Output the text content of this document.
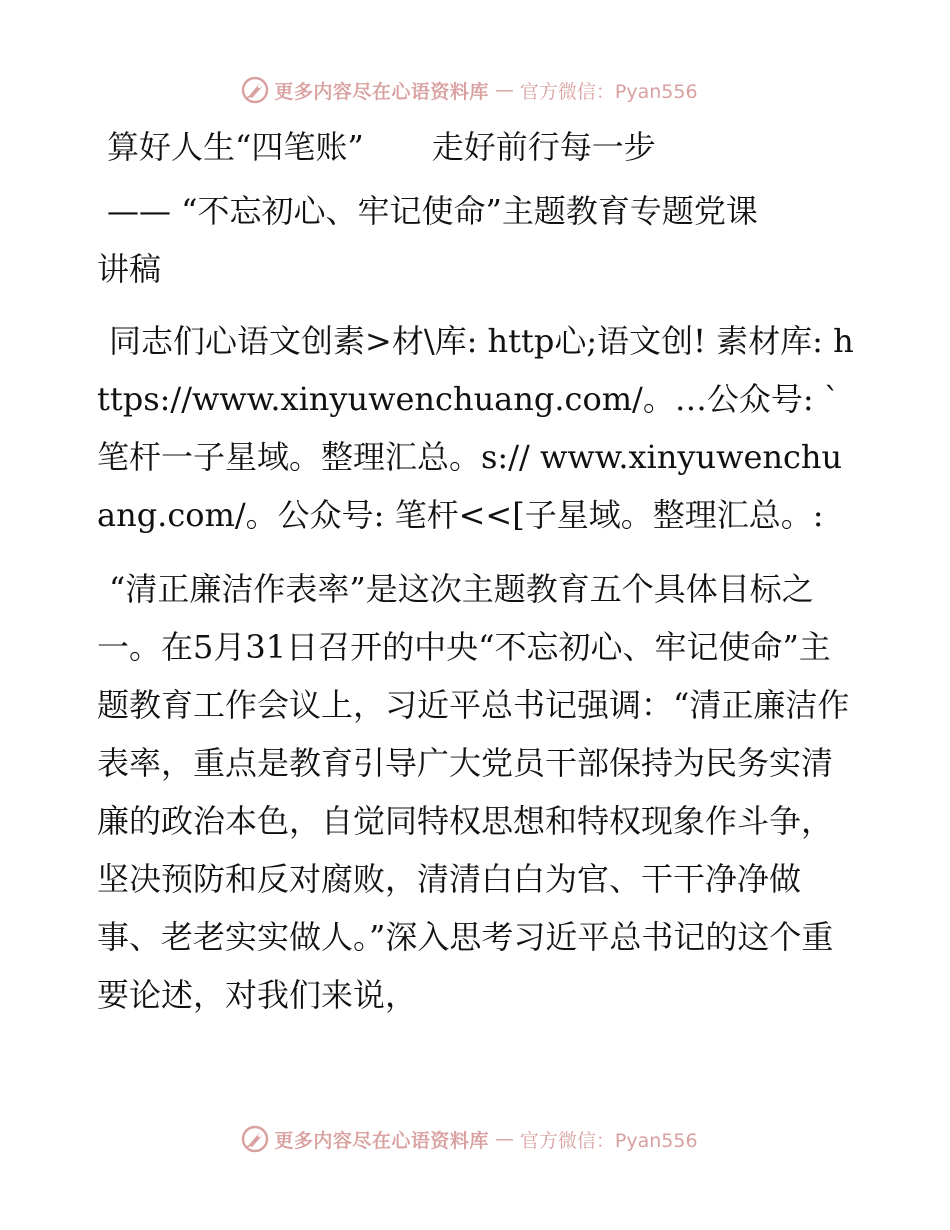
更多内容尽在心语资料库 — 官方微信：Pyan556

算好人生“四笔账” 走好前行每一步

—— “不忘初心、牢记使命”主题教育专题党课
讲稿

同志们心语文创素>材\库: http心;语文创! 素材库: https://www.xinyuwenchuang.com/。…公众号: `笔杆一子星域。整理汇总。s:// www.xinyuwenchuang.com/。公众号: 笔杆<<[子星域。整理汇总。:

“清正廉洁作表率”是这次主题教育五个具体目标之一。在5月31日召开的中央“不忘初心、牢记使命”主题教育工作会议上，习近平总书记强调：“清正廉洁作表率，重点是教育引导广大党员干部保持为民务实清廉的政治本色，自觉同特权思想和特权现象作斗争，坚决预防和反对腐败，清清白白为官、干干净净做事、老老实实做人。”深入思考习近平总书记的这个重要论述，对我们来说，

更多内容尽在心语资料库 — 官方微信：Pyan556
